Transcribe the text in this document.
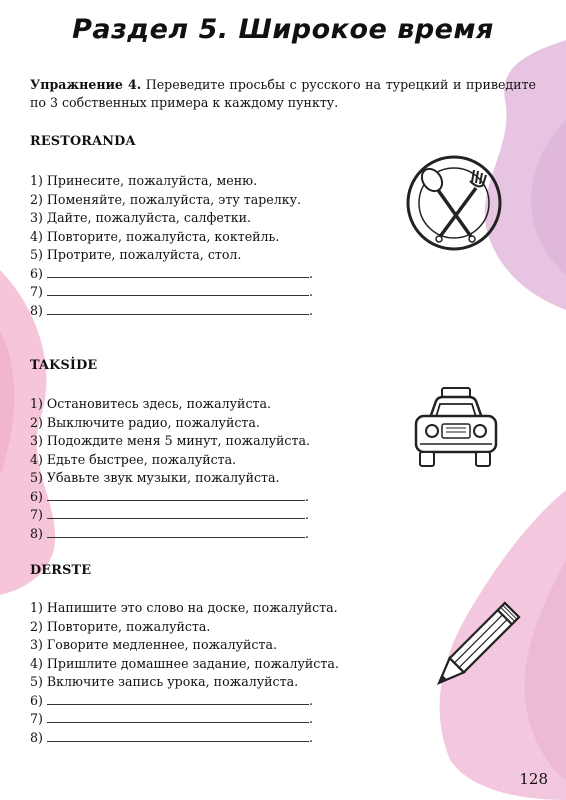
Раздел 5. Широкое время
Упражнение 4. Переведите просьбы с русского на турецкий и приведите по 3 собственных примера к каждому пункту.
RESTORANDA
1) Принесите, пожалуйста, меню.
2) Поменяйте, пожалуйста, эту тарелку.
3) Дайте, пожалуйста, салфетки.
4) Повторите, пожалуйста, коктейль.
5) Протрите, пожалуйста, стол.
6)	.
7)	.
8)	.
TAKSİDE
1) Остановитесь здесь, пожалуйста.
2) Выключите радио, пожалуйста.
3) Подождите меня 5 минут, пожалуйста.
4) Едьте быстрее, пожалуйста.
5) Убавьте звук музыки, пожалуйста.
6)	.
7)	.
8)	.
DERSTE
1) Напишите это слово на доске, пожалуйста.
2) Повторите, пожалуйста.
3) Говорите медленнее, пожалуйста.
4) Пришлите домашнее задание, пожалуйста.
5) Включите запись урока, пожалуйста.
6)	.
7)	.
8)	.
128
